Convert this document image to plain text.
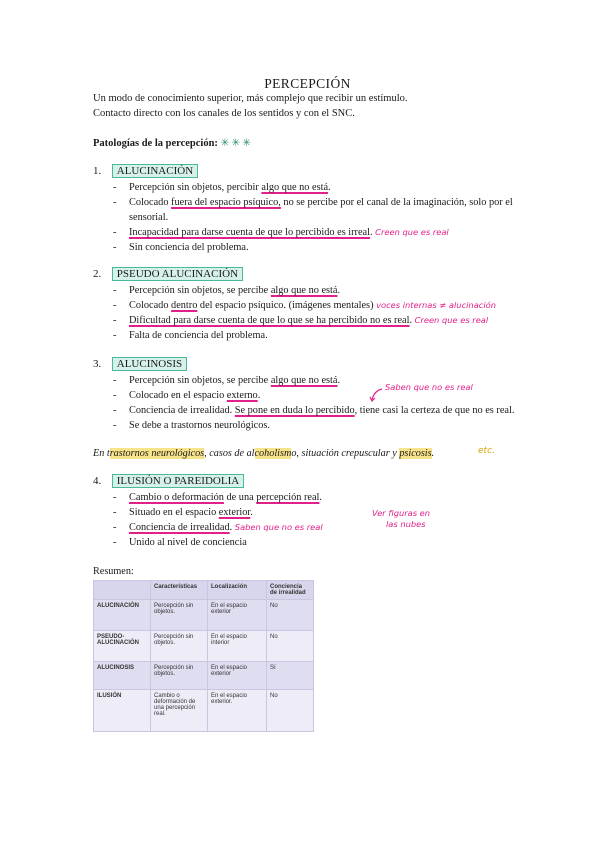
PERCEPCIÓN
Un modo de conocimiento superior, más complejo que recibir un estímulo.
Contacto directo con los canales de los sentidos y con el SNC.
Patologías de la percepción: ✳✳✳
1. ALUCINACIÓN
- Percepción sin objetos, percibir algo que no está.
- Colocado fuera del espacio psíquico, no se percibe por el canal de la imaginación, solo por el sensorial.
- Incapacidad para darse cuenta de que lo percibido es irreal. Creen que es real
- Sin conciencia del problema.
2. PSEUDO ALUCINACIÓN
- Percepción sin objetos, se percibe algo que no está.
- Colocado dentro del espacio psíquico. (imágenes mentales) voces internas ≠ alucinación
- Dificultad para darse cuenta de que lo que se ha percibido no es real. Creen que es real
- Falta de conciencia del problema.
3. ALUCINOSIS
- Percepción sin objetos, se percibe algo que no está.
- Colocado en el espacio externo.
- Conciencia de irrealidad. Se pone en duda lo percibido, tiene casi la certeza de que no es real.
- Se debe a trastornos neurológicos.
Saben que no es real
En trastornos neurológicos, casos de alcoholismo, situación crepuscular y psicosis.	etc.
4. ILUSIÓN O PAREIDOLIA
- Cambio o deformación de una percepción real.
- Situado en el espacio exterior.
- Conciencia de irrealidad. Saben que no es real
- Unido al nivel de conciencia
Ver figuras en
las nubes
Resumen:
	Características	Localización	Conciencia de irrealidad
ALUCINACIÓN	Percepción sin objetos.	En el espacio exterior	No
PSEUDO-ALUCINACIÓN	Percepción sin objetos.	En el espacio interior	No
ALUCINOSIS	Percepción sin objetos.	En el espacio exterior	Sí
ILUSIÓN	Cambio o deformación de una percepción real.	En el espacio exterior.	No
